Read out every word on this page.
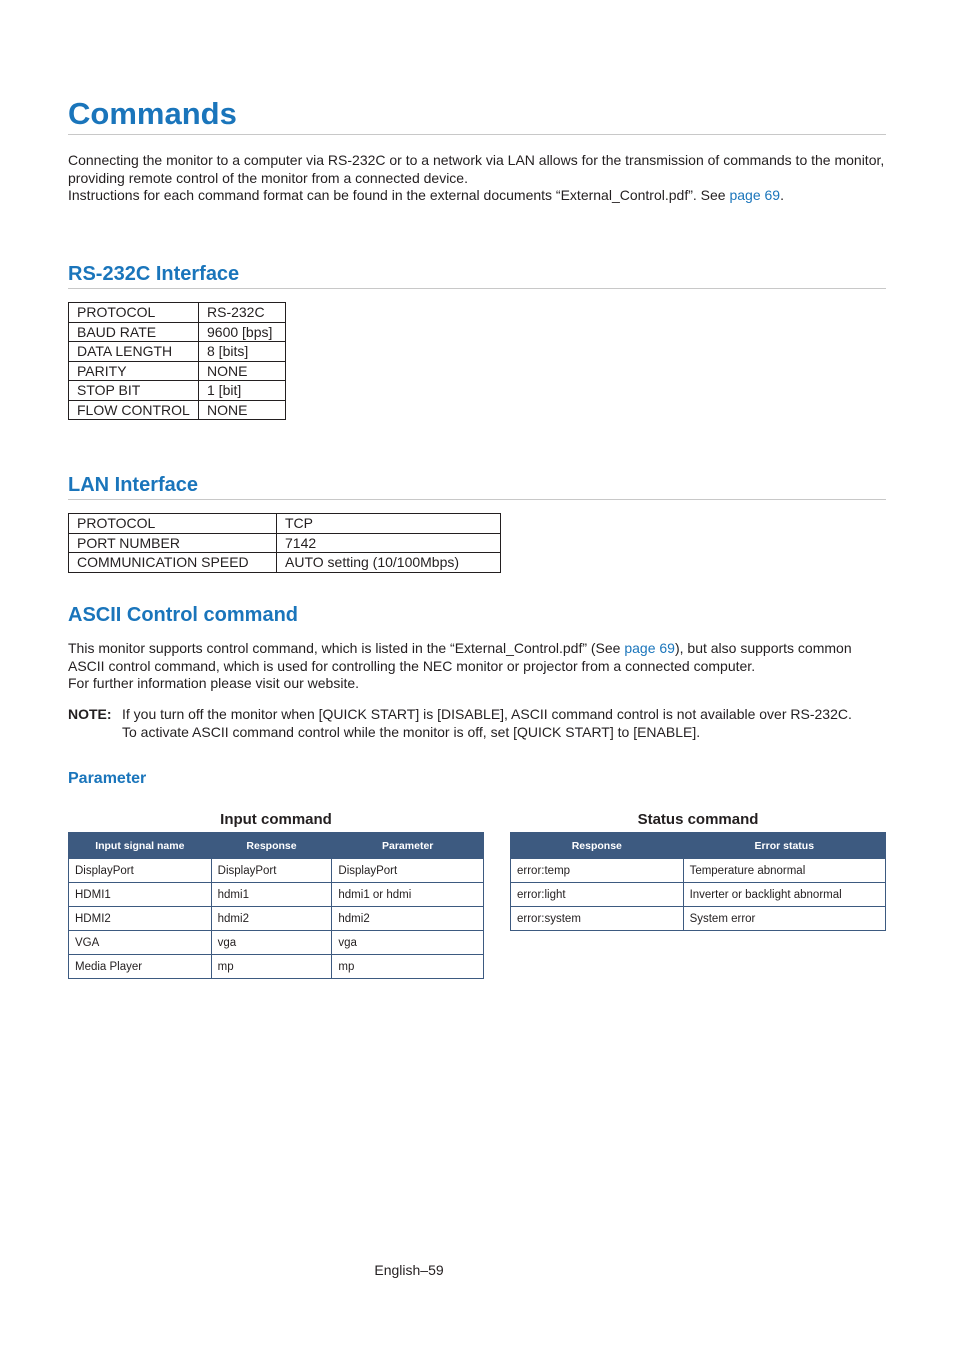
Commands

Connecting the monitor to a computer via RS-232C or to a network via LAN allows for the transmission of commands to the monitor, providing remote control of the monitor from a connected device.

Instructions for each command format can be found in the external documents “External_Control.pdf”. See page 69.

RS-232C Interface
PROTOCOL	RS-232C
BAUD RATE	9600 [bps]
DATA LENGTH	8 [bits]
PARITY	NONE
STOP BIT	1 [bit]
FLOW CONTROL	NONE
LAN Interface
PROTOCOL	TCP
PORT NUMBER	7142
COMMUNICATION SPEED	AUTO setting (10/100Mbps)
ASCII Control command

This monitor supports control command, which is listed in the “External_Control.pdf” (See page 69), but also supports common ASCII control command, which is used for controlling the NEC monitor or projector from a connected computer.

For further information please visit our website.

NOTE: If you turn off the monitor when [QUICK START] is [DISABLE], ASCII command control is not available over RS-232C.
To activate ASCII command control while the monitor is off, set [QUICK START] to [ENABLE].
Parameter
Input command
Input signal name	Response	Parameter
DisplayPort	DisplayPort	DisplayPort
HDMI1	hdmi1	hdmi1 or hdmi
HDMI2	hdmi2	hdmi2
VGA	vga	vga
Media Player	mp	mp
Status command
Response	Error status
error:temp	Temperature abnormal
error:light	Inverter or backlight abnormal
error:system	System error
English–59
